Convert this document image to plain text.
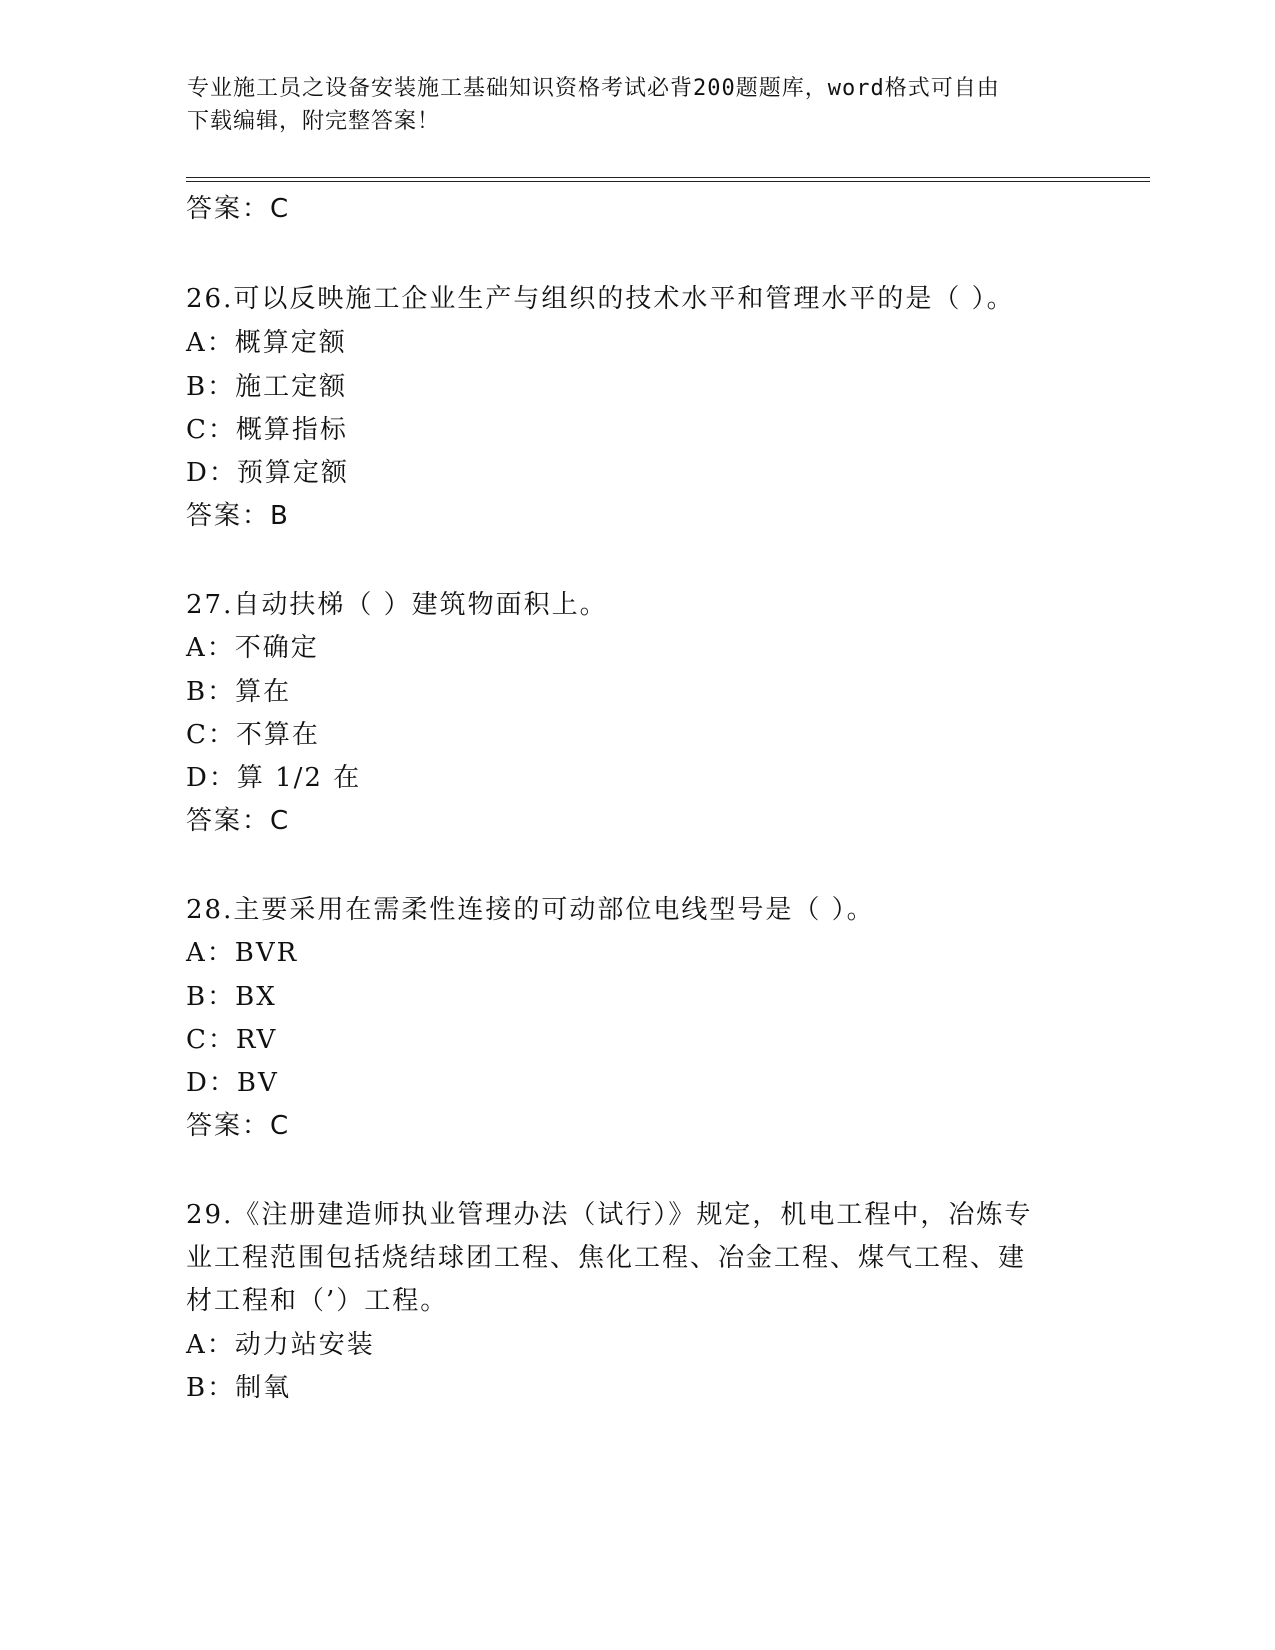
专业施工员之设备安装施工基础知识资格考试必背200题题库，word格式可自由
下载编辑，附完整答案！
答案：C
26.可以反映施工企业生产与组织的技术水平和管理水平的是（ ）。
A：概算定额
B：施工定额
C：概算指标
D：预算定额
答案：B
27.自动扶梯（ ）建筑物面积上。
A：不确定
B：算在
C：不算在
D：算 1/2 在
答案：C
28.主要采用在需柔性连接的可动部位电线型号是（ ）。
A：BVR
B：BX
C：RV
D：BV
答案：C
29.《注册建造师执业管理办法（试行）》规定，机电工程中，冶炼专
业工程范围包括烧结球团工程、焦化工程、冶金工程、煤气工程、建
材工程和（’）工程。
A：动力站安装
B：制氧
